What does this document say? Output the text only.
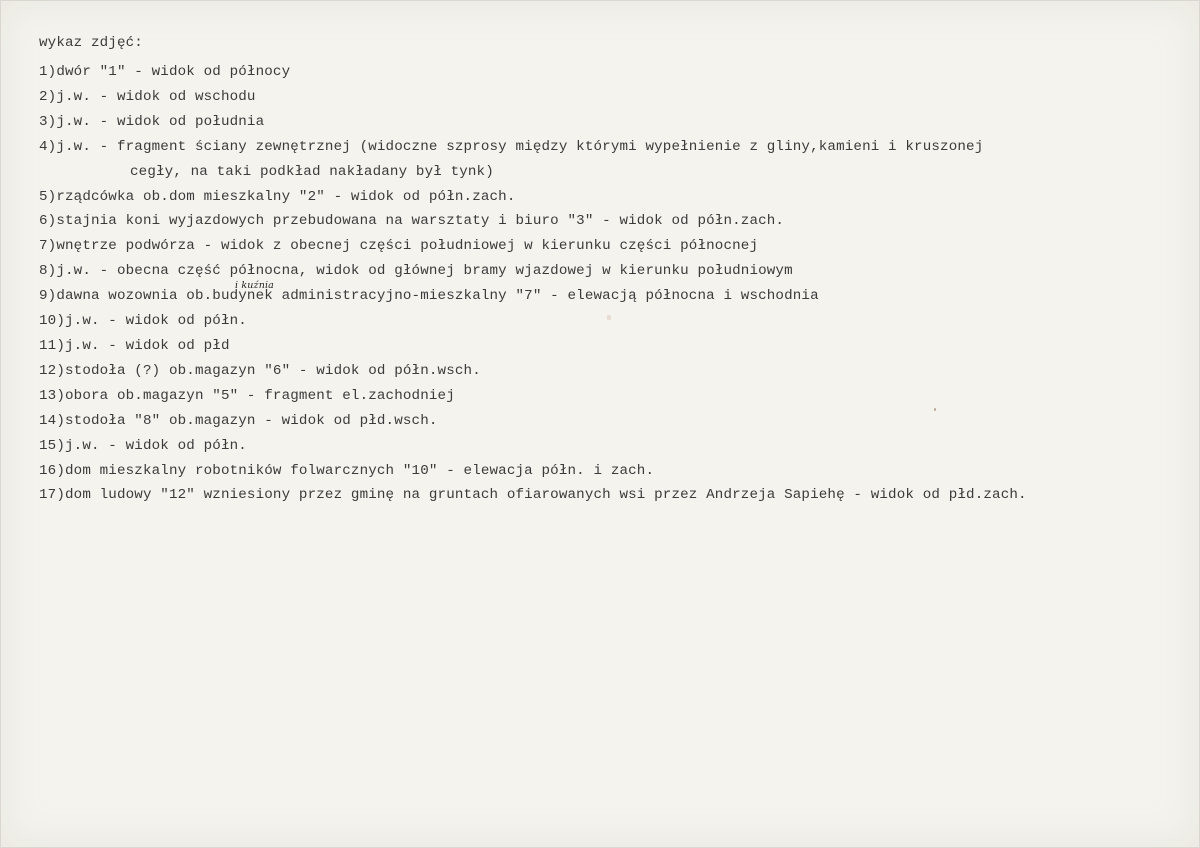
wykaz zdjęć:
1)dwór "1" - widok od północy
2)j.w. - widok od wschodu
3)j.w. - widok od południa
4)j.w. - fragment ściany zewnętrznej (widoczne szprosy między którymi wypełnienie z gliny,kamieni i kruszonej
cegły, na taki podkład nakładany był tynk)
5)rządcówka ob.dom mieszkalny "2" - widok od półn.zach.
6)stajnia koni wyjazdowych przebudowana na warsztaty i biuro "3" - widok od półn.zach.
7)wnętrze podwórza - widok z obecnej części południowej w kierunku części północnej
8)j.w. - obecna część północna, widok od głównej bramy wjazdowej w kierunku południowym
i kuźnia
9)dawna wozownia ob.budynek administracyjno-mieszkalny "7" - elewacją północna i wschodnia
10)j.w. - widok od półn.
11)j.w. - widok od płd
12)stodoła (?) ob.magazyn "6" - widok od półn.wsch.
13)obora ob.magazyn "5" - fragment el.zachodniej
14)stodoła "8" ob.magazyn - widok od płd.wsch.
15)j.w. - widok od półn.
16)dom mieszkalny robotników folwarcznych "10" - elewacja półn. i zach.
17)dom ludowy "12" wzniesiony przez gminę na gruntach ofiarowanych wsi przez Andrzeja Sapiehę - widok od płd.zach.
